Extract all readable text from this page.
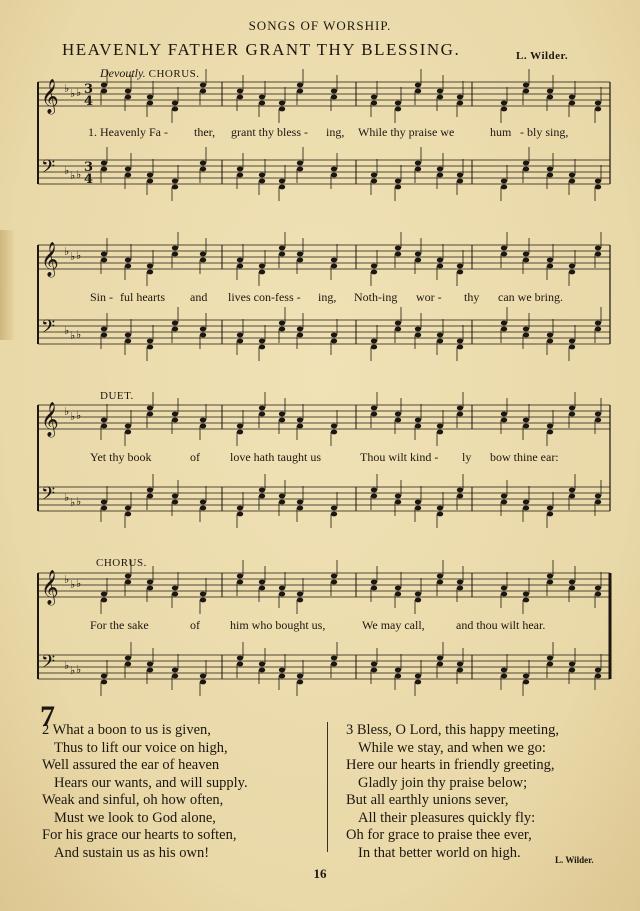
SONGS OF WORSHIP.
HEAVENLY FATHER GRANT THY BLESSING.	L. Wilder.
Devoutly. CHORUS.
DUET.
CHORUS.
𝄞 ♭ ♭ ♭
𝄢 ♭ ♭ ♭
𝄞 ♭ ♭ ♭
𝄢 ♭ ♭ ♭
𝄞 ♭ ♭ ♭
𝄢 ♭ ♭ ♭
𝄞 ♭ ♭ ♭
𝄢 ♭ ♭ ♭
3
4
3
4
1. Heavenly Fa - ther, grant thy bless - ing, While thy praise we	hum - bly sing,
Sin - ful hearts and lives con-fess - ing, Noth-ing wor - thy can we bring.
Yet thy book	of	love hath taught us	Thou wilt kind - ly bow thine ear:
For the sake	of	him who bought us,	We may call,	and thou wilt hear.
7
2 What a boon to us is given,
Thus to lift our voice on high,
Well assured the ear of heaven
Hears our wants, and will supply.
Weak and sinful, oh how often,
Must we look to God alone,
For his grace our hearts to soften,
And sustain us as his own!
3 Bless, O Lord, this happy meeting,
While we stay, and when we go:
Here our hearts in friendly greeting,
Gladly join thy praise below;
But all earthly unions sever,
All their pleasures quickly fly:
Oh for grace to praise thee ever,
In that better world on high.	L. Wilder.
16
